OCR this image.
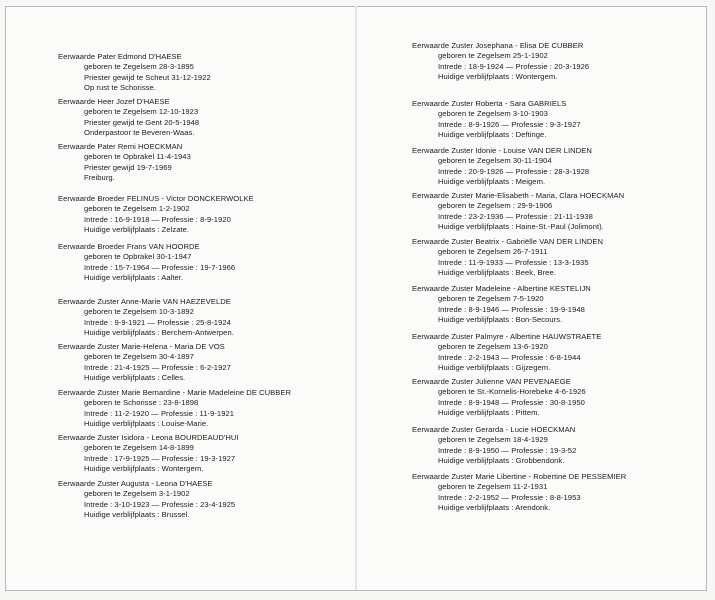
Eerwaarde Pater Edmond D'HAESE
geboren te Zegelsem 28-3-1895
Priester gewijd te Scheut 31-12-1922
Op rust te Schorisse.
Eerwaarde Heer Jozef D'HAESE
geboren te Zegelsem 12-10-1923
Priester gewijd te Gent 20-5-1948
Onderpastoor te Beveren-Waas.
Eerwaarde Pater Remi HOECKMAN
geboren te Opbrakel 11-4-1943
Priester gewijd 19-7-1969
Freiburg.
Eerwaarde Broeder FELINUS - Victor DONCKERWOLKE
geboren te Zegelsem 1-2-1902
Intrede : 16-9-1918 — Professie : 8-9-1920
Huidige verblijfplaats : Zelzate.
Eerwaarde Broeder Frans VAN HOORDE
geboren te Opbrakel 30-1-1947
Intrede : 15-7-1964 — Professie : 19-7-1966
Huidige verblijfplaats : Aalter.
Eerwaarde Zuster Anne-Marie VAN HAEZEVELDE
geboren te Zegelsem 10-3-1892
Intrede : 9-9-1921 — Professie : 25-8-1924
Huidige verblijfplaats : Berchem-Antwerpen.
Eerwaarde Zuster Marie-Helena - Maria DE VOS
geboren te Zegelsem 30-4-1897
Intrede : 21-4-1925 — Professie : 6-2-1927
Huidige verblijfplaats : Celles.
Eerwaarde Zuster Marie Bernardine - Marie Madeleine DE CUBBER
geboren te Schorisse : 23-8-1898
Intrede : 11-2-1920 — Professie : 11-9-1921
Huidige verblijfplaats : Louise-Marie.
Eerwaarde Zuster Isidora - Leona BOURDEAUD'HUI
geboren te Zegelsem 14-8-1899
Intrede : 17-9-1925 — Professie : 19-3-1927
Huidige verblijfplaats : Wontergem.
Eerwaarde Zuster Augusta - Leona D'HAESE
geboren te Zegelsem 3-1-1902
Intrede : 3-10-1923 — Professie : 23-4-1925
Huidige verblijfplaats : Brussel.
Eerwaarde Zuster Josephana - Elisa DE CUBBER
geboren te Zegelsem 25-1-1902
Intrede : 18-9-1924 — Professie : 20-3-1926
Huidige verblijfplaats : Wontergem.
Eerwaarde Zuster Roberta - Sara GABRIELS
geboren te Zegelsem 3-10-1903
Intrede : 8-9-1926 — Professie : 9-3-1927
Huidige verblijfplaats : Deftinge.
Eerwaarde Zuster Idonie - Louise VAN DER LINDEN
geboren te Zegelsem 30-11-1904
Intrede : 20-9-1926 — Professie : 28-3-1928
Huidige verblijfplaats : Meigem.
Eerwaarde Zuster Marie-Elisabeth - Maria, Clara HOECKMAN
geboren te Zegelsem : 29-9-1906
Intrede : 23-2-1936 — Professie : 21-11-1938
Huidige verblijfplaats : Haine-St.-Paul (Jolimont).
Eerwaarde Zuster Beatrix - Gabriëlle VAN DER LINDEN
geboren te Zegelsem 26-7-1911
Intrede : 11-9-1933 — Professie : 13-3-1935
Huidige verblijfplaats : Beek, Bree.
Eerwaarde Zuster Madeleine - Albertine KESTELIJN
geboren te Zegelsem 7-5-1920
Intrede : 8-9-1946 — Professie : 19-9-1948
Huidige verblijfplaats : Bon-Secours.
Eerwaarde Zuster Palmyre - Albertine HAUWSTRAETE
geboren te Zegelsem 13-6-1920
Intrede : 2-2-1943 — Professie : 6-8-1944
Huidige verblijfplaats : Gijzegem.
Eerwaarde Zuster Julienne VAN PEVENAEGE
geboren te St.-Kornelis-Horebeke 4-6-1926
Intrede : 8-9-1948 — Professie : 30-8-1950
Huidige verblijfplaats : Pittem.
Eerwaarde Zuster Gerarda - Lucie HOECKMAN
geboren te Zegelsem 18-4-1929
Intrede : 8-9-1950 — Professie : 19-3-52
Huidige verblijfplaats : Grobbendonk.
Eerwaarde Zuster Marie Libertine - Robertine DE PESSEMIER
geboren te Zegelsem 11-2-1931
Intrede : 2-2-1952 — Professie : 8-8-1953
Huidige verblijfplaats : Arendonk.
